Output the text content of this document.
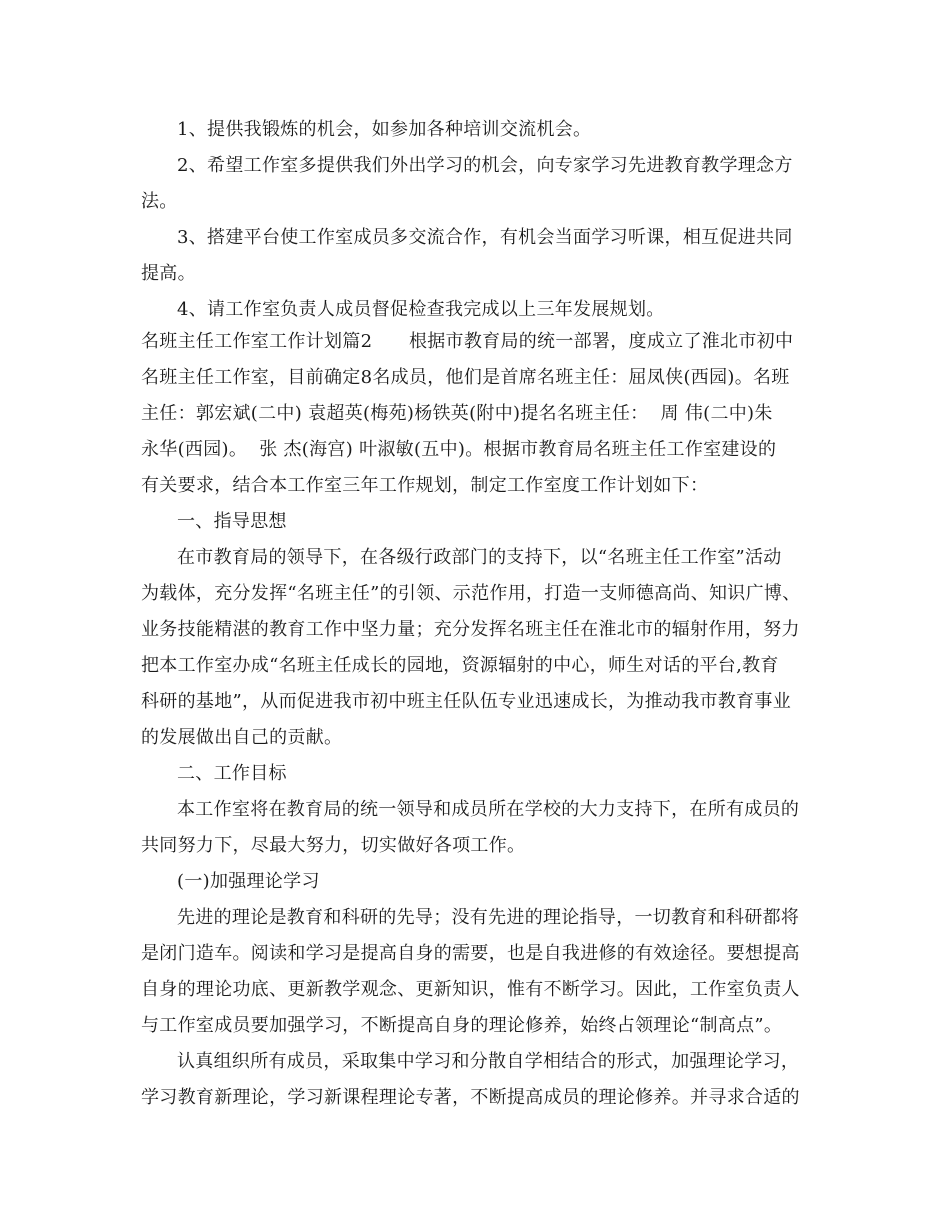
1、提供我锻炼的机会，如参加各种培训交流机会。
2、希望工作室多提供我们外出学习的机会，向专家学习先进教育教学理念方
法。
3、搭建平台使工作室成员多交流合作，有机会当面学习听课，相互促进共同
提高。
4、请工作室负责人成员督促检查我完成以上三年发展规划。
名班主任工作室工作计划篇2　　根据市教育局的统一部署，度成立了淮北市初中
名班主任工作室，目前确定8名成员，他们是首席名班主任：屈凤侠(西园)。名班
主任：郭宏斌(二中) 袁超英(梅苑)杨铁英(附中)提名名班主任：  周 伟(二中)朱
永华(西园)。  张 杰(海宫) 叶淑敏(五中)。根据市教育局名班主任工作室建设的
有关要求，结合本工作室三年工作规划，制定工作室度工作计划如下：
一、指导思想
在市教育局的领导下，在各级行政部门的支持下，以“名班主任工作室”活动
为载体，充分发挥“名班主任”的引领、示范作用，打造一支师德高尚、知识广博、
业务技能精湛的教育工作中坚力量；充分发挥名班主任在淮北市的辐射作用，努力
把本工作室办成“名班主任成长的园地，资源辐射的中心，师生对话的平台,教育
科研的基地”，从而促进我市初中班主任队伍专业迅速成长，为推动我市教育事业
的发展做出自己的贡献。
二、工作目标
本工作室将在教育局的统一领导和成员所在学校的大力支持下，在所有成员的
共同努力下，尽最大努力，切实做好各项工作。
(一)加强理论学习
先进的理论是教育和科研的先导；没有先进的理论指导，一切教育和科研都将
是闭门造车。阅读和学习是提高自身的需要，也是自我进修的有效途径。要想提高
自身的理论功底、更新教学观念、更新知识，惟有不断学习。因此，工作室负责人
与工作室成员要加强学习，不断提高自身的理论修养，始终占领理论“制高点”。
认真组织所有成员，采取集中学习和分散自学相结合的形式，加强理论学习，
学习教育新理论，学习新课程理论专著，不断提高成员的理论修养。并寻求合适的
